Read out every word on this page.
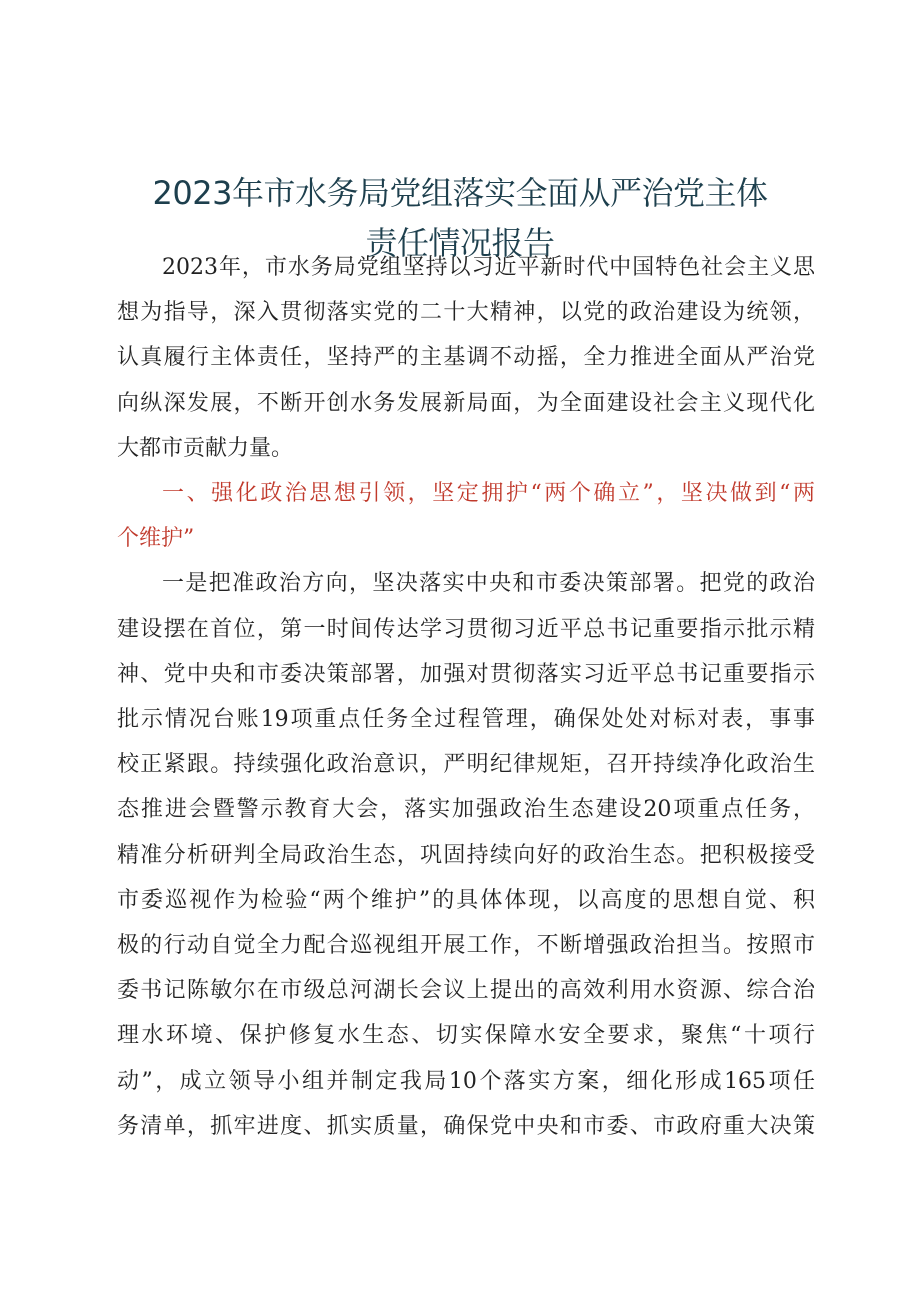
2023年市水务局党组落实全面从严治党主体
责任情况报告
2023年，市水务局党组坚持以习近平新时代中国特色社会主义思
想为指导，深入贯彻落实党的二十大精神，以党的政治建设为统领，
认真履行主体责任，坚持严的主基调不动摇，全力推进全面从严治党
向纵深发展，不断开创水务发展新局面，为全面建设社会主义现代化
大都市贡献力量。
一、强化政治思想引领，坚定拥护“两个确立”，坚决做到“两
个维护”
一是把准政治方向，坚决落实中央和市委决策部署。把党的政治
建设摆在首位，第一时间传达学习贯彻习近平总书记重要指示批示精
神、党中央和市委决策部署，加强对贯彻落实习近平总书记重要指示
批示情况台账19项重点任务全过程管理，确保处处对标对表，事事
校正紧跟。持续强化政治意识，严明纪律规矩，召开持续净化政治生
态推进会暨警示教育大会，落实加强政治生态建设20项重点任务，
精准分析研判全局政治生态，巩固持续向好的政治生态。把积极接受
市委巡视作为检验“两个维护”的具体体现，以高度的思想自觉、积
极的行动自觉全力配合巡视组开展工作，不断增强政治担当。按照市
委书记陈敏尔在市级总河湖长会议上提出的高效利用水资源、综合治
理水环境、保护修复水生态、切实保障水安全要求，聚焦“十项行
动”，成立领导小组并制定我局10个落实方案，细化形成165项任
务清单，抓牢进度、抓实质量，确保党中央和市委、市政府重大决策
